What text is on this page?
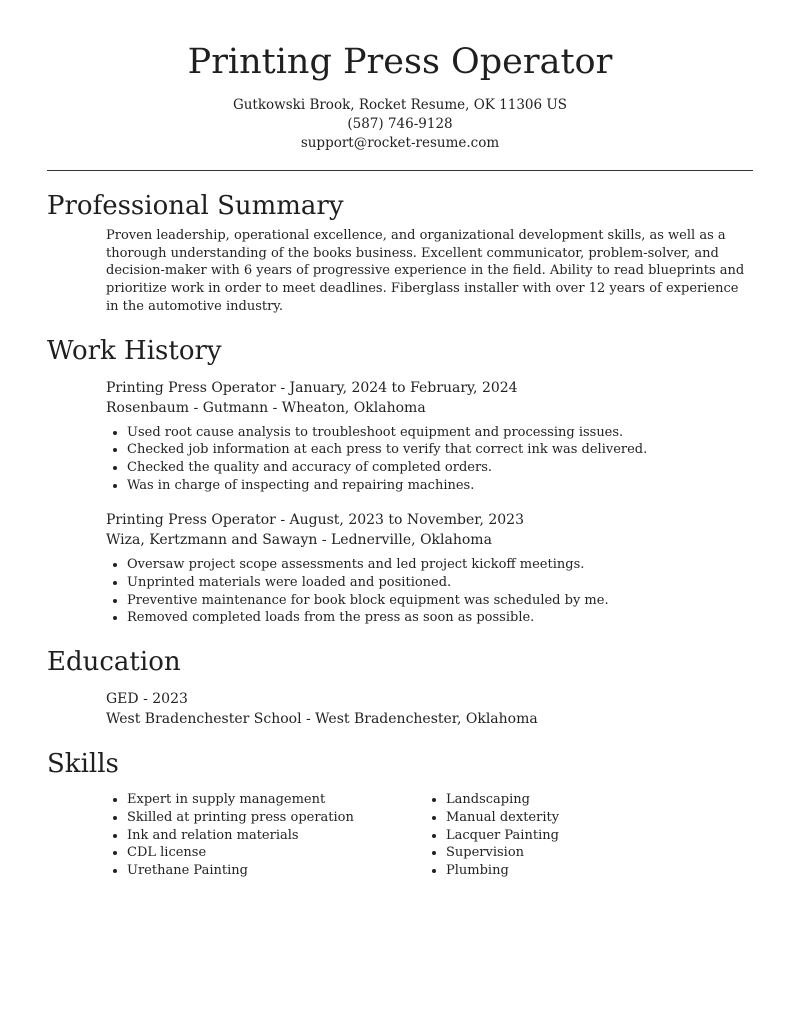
Printing Press Operator

Gutkowski Brook, Rocket Resume, OK 11306 US

(587) 746-9128

support@rocket-resume.com

Professional Summary

Proven leadership, operational excellence, and organizational development skills, as well as a thorough understanding of the books business. Excellent communicator, problem-solver, and decision-maker with 6 years of progressive experience in the field. Ability to read blueprints and prioritize work in order to meet deadlines. Fiberglass installer with over 12 years of experience in the automotive industry.

Work History

Printing Press Operator - January, 2024 to February, 2024

Rosenbaum - Gutmann - Wheaton, Oklahoma

• Used root cause analysis to troubleshoot equipment and processing issues.
• Checked job information at each press to verify that correct ink was delivered.
• Checked the quality and accuracy of completed orders.
• Was in charge of inspecting and repairing machines.

Printing Press Operator - August, 2023 to November, 2023

Wiza, Kertzmann and Sawayn - Lednerville, Oklahoma

• Oversaw project scope assessments and led project kickoff meetings.
• Unprinted materials were loaded and positioned.
• Preventive maintenance for book block equipment was scheduled by me.
• Removed completed loads from the press as soon as possible.
Education

GED - 2023

West Bradenchester School - West Bradenchester, Oklahoma

Skills
• Expert in supply management
• Skilled at printing press operation
• Ink and relation materials
• CDL license
• Urethane Painting
• Landscaping
• Manual dexterity
• Lacquer Painting
• Supervision
• Plumbing
